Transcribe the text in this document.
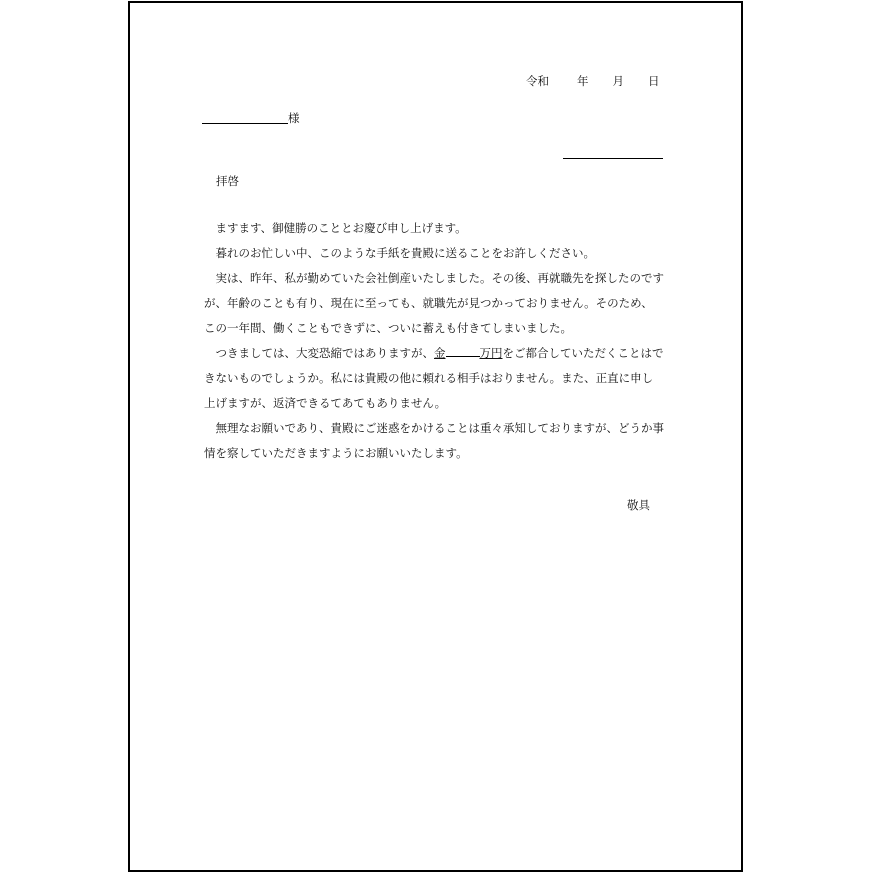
令和 年 月 日
様
拝啓

　ますます、御健勝のこととお慶び申し上げます。

　暮れのお忙しい中、このような手紙を貴殿に送ることをお許しください。

　実は、昨年、私が勤めていた会社倒産いたしました。その後、再就職先を探したのですが、年齢のことも有り、現在に至っても、就職先が見つかっておりません。そのため、この一年間、働くこともできずに、ついに蓄えも付きてしまいました。

　つきましては、大変恐縮ではありますが、金	万円をご都合していただくことはできないものでしょうか。私には貴殿の他に頼れる相手はおりません。また、正直に申し上げますが、返済できるてあてもありません。

　無理なお願いであり、貴殿にご迷惑をかけることは重々承知しておりますが、どうか事情を察していただきますようにお願いいたします。

敬具
